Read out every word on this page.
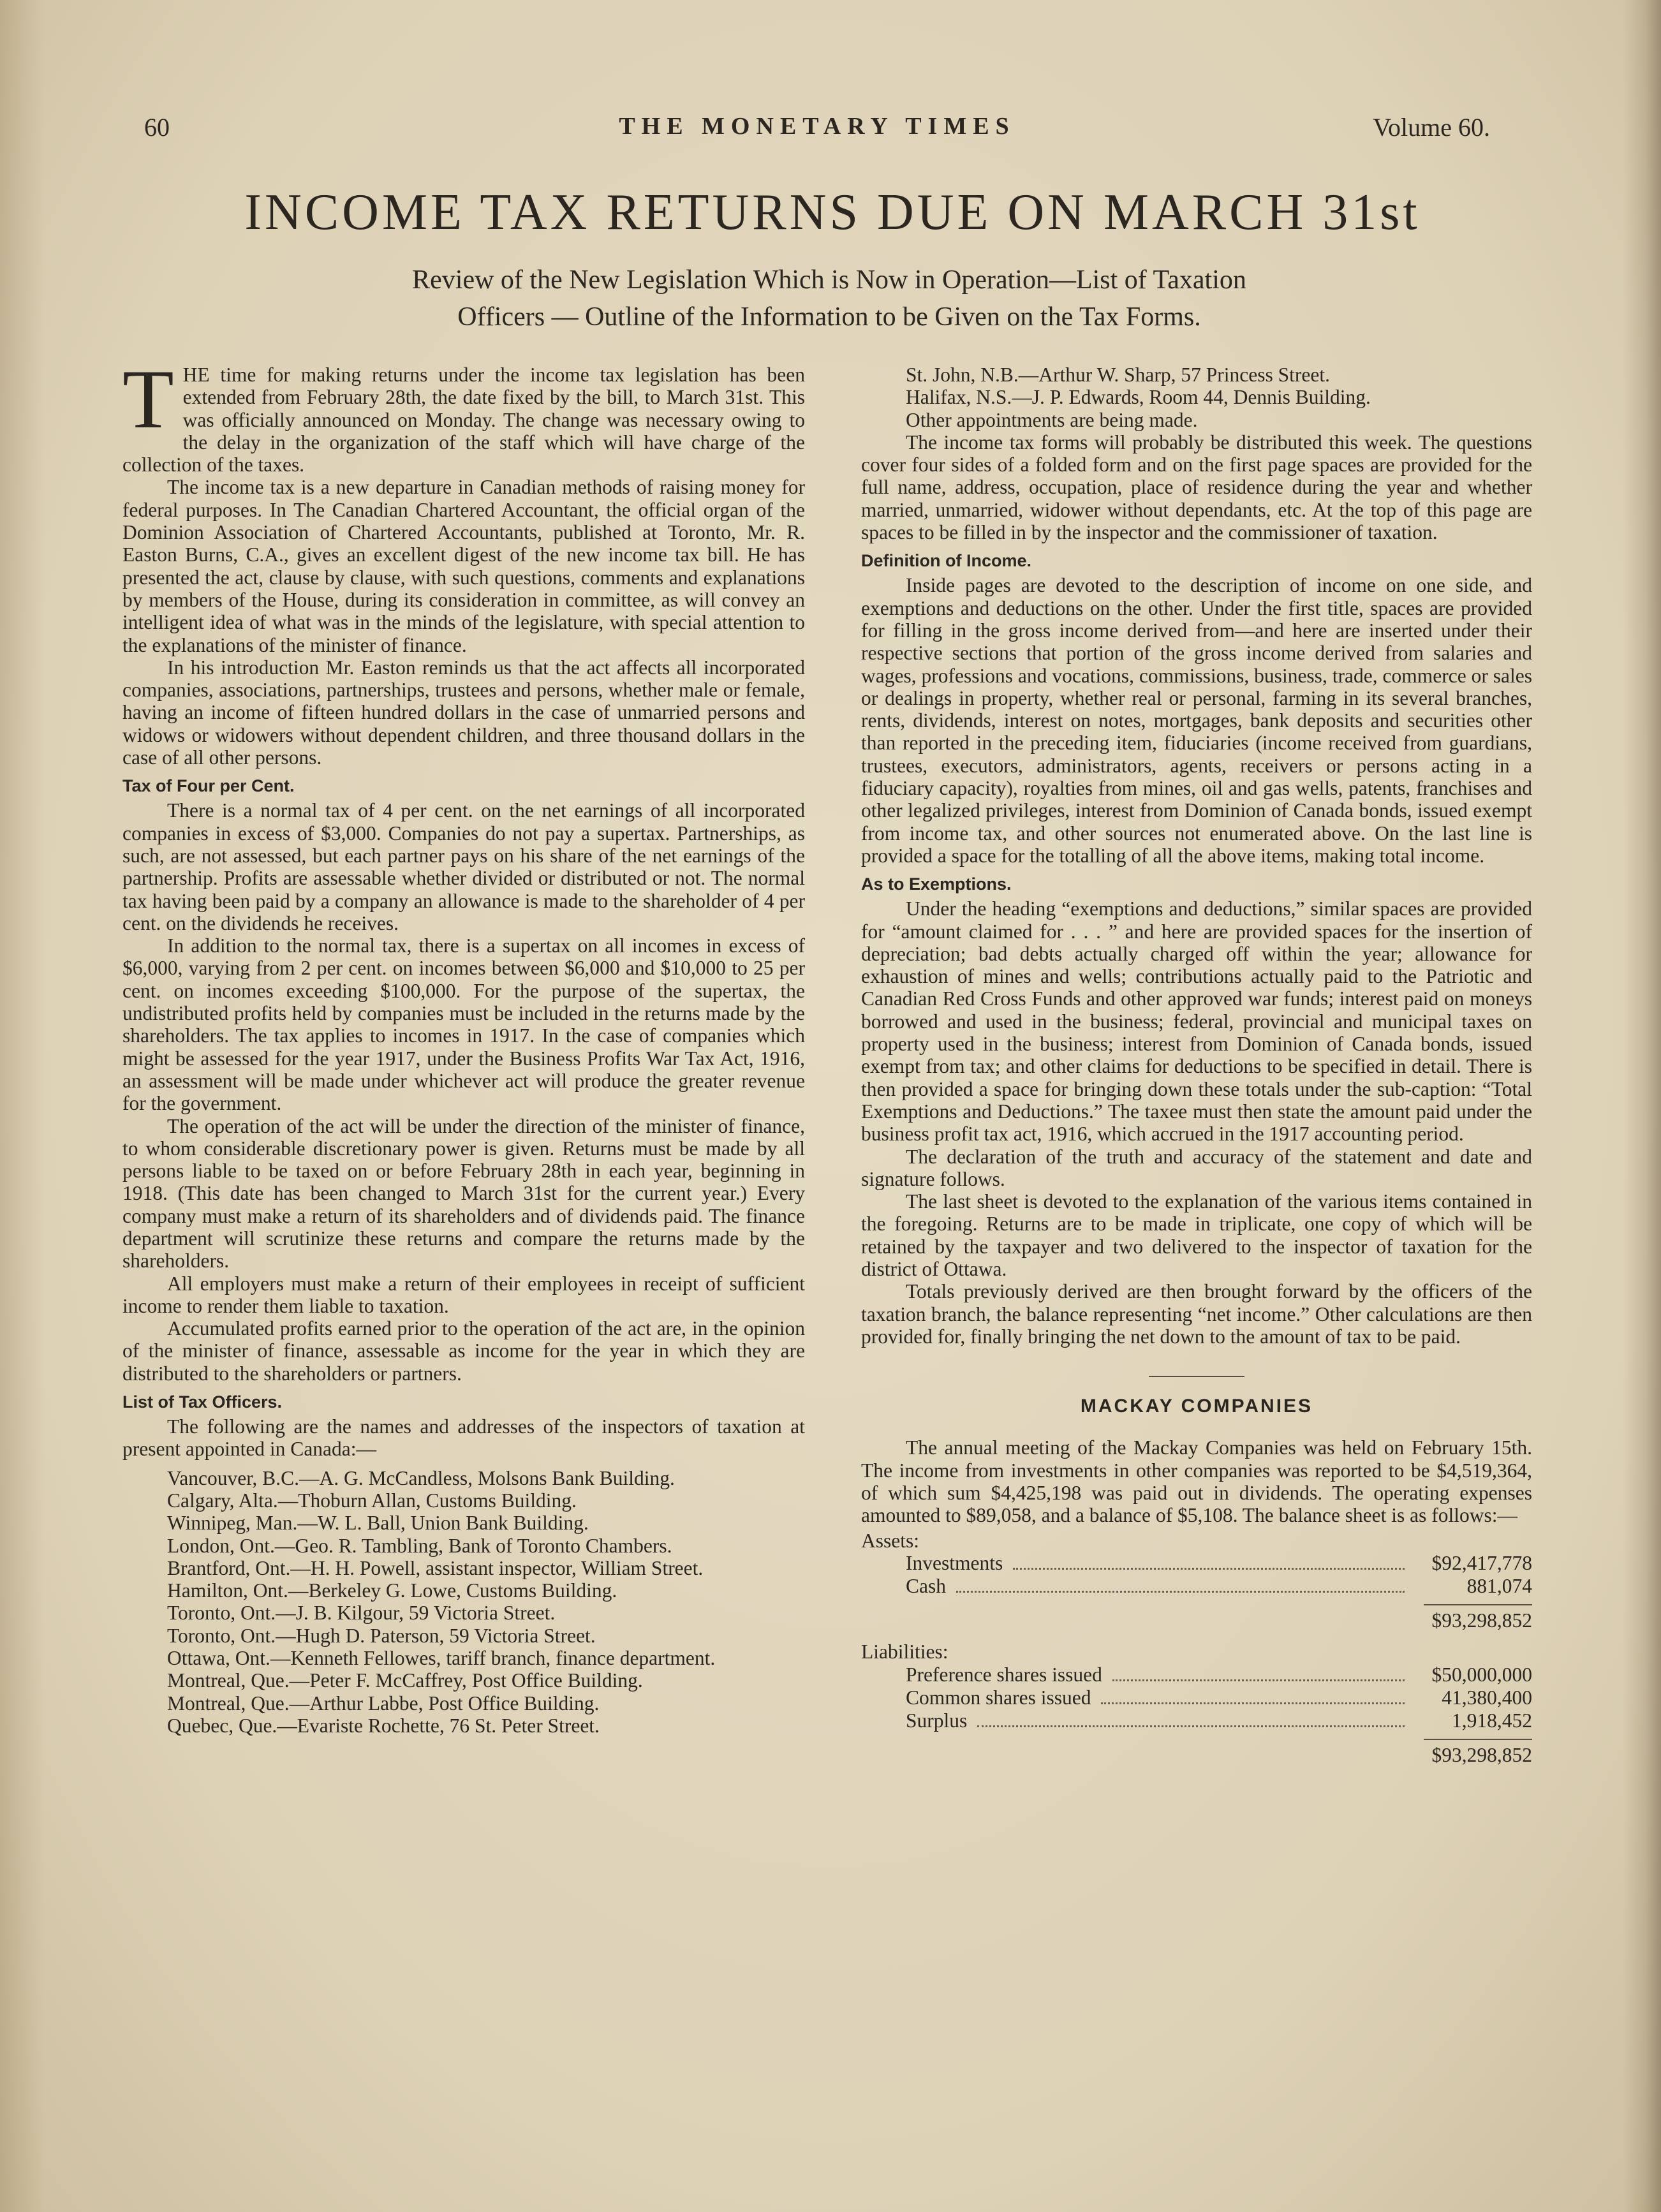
60	THE MONETARY TIMES	Volume 60.
INCOME TAX RETURNS DUE ON MARCH 31st
Review of the New Legislation Which is Now in Operation—List of Taxation
Officers — Outline of the Information to be Given on the Tax Forms.

THE time for making returns under the income tax legislation has been extended from February 28th, the date fixed by the bill, to March 31st. This was officially announced on Monday. The change was necessary owing to the delay in the organization of the staff which will have charge of the collection of the taxes.

The income tax is a new departure in Canadian methods of raising money for federal purposes. In The Canadian Chartered Accountant, the official organ of the Dominion Association of Chartered Accountants, published at Toronto, Mr. R. Easton Burns, C.A., gives an excellent digest of the new income tax bill. He has presented the act, clause by clause, with such questions, comments and explanations by members of the House, during its consideration in committee, as will convey an intelligent idea of what was in the minds of the legislature, with special attention to the explanations of the minister of finance.

In his introduction Mr. Easton reminds us that the act affects all incorporated companies, associations, partnerships, trustees and persons, whether male or female, having an income of fifteen hundred dollars in the case of unmarried persons and widows or widowers without dependent children, and three thousand dollars in the case of all other persons.

Tax of Four per Cent.

There is a normal tax of 4 per cent. on the net earnings of all incorporated companies in excess of $3,000. Companies do not pay a supertax. Partnerships, as such, are not assessed, but each partner pays on his share of the net earnings of the partnership. Profits are assessable whether divided or distributed or not. The normal tax having been paid by a company an allowance is made to the shareholder of 4 per cent. on the dividends he receives.

In addition to the normal tax, there is a supertax on all incomes in excess of $6,000, varying from 2 per cent. on incomes between $6,000 and $10,000 to 25 per cent. on incomes exceeding $100,000. For the purpose of the supertax, the undistributed profits held by companies must be included in the returns made by the shareholders. The tax applies to incomes in 1917. In the case of companies which might be assessed for the year 1917, under the Business Profits War Tax Act, 1916, an assessment will be made under whichever act will produce the greater revenue for the government.

The operation of the act will be under the direction of the minister of finance, to whom considerable discretionary power is given. Returns must be made by all persons liable to be taxed on or before February 28th in each year, beginning in 1918. (This date has been changed to March 31st for the current year.) Every company must make a return of its shareholders and of dividends paid. The finance department will scrutinize these returns and compare the returns made by the shareholders.

All employers must make a return of their employees in receipt of sufficient income to render them liable to taxation.

Accumulated profits earned prior to the operation of the act are, in the opinion of the minister of finance, assessable as income for the year in which they are distributed to the shareholders or partners.

List of Tax Officers.

The following are the names and addresses of the inspectors of taxation at present appointed in Canada:—

Vancouver, B.C.—A. G. McCandless, Molsons Bank Building.

Calgary, Alta.—Thoburn Allan, Customs Building.

Winnipeg, Man.—W. L. Ball, Union Bank Building.

London, Ont.—Geo. R. Tambling, Bank of Toronto Chambers.

Brantford, Ont.—H. H. Powell, assistant inspector, William Street.

Hamilton, Ont.—Berkeley G. Lowe, Customs Building.

Toronto, Ont.—J. B. Kilgour, 59 Victoria Street.

Toronto, Ont.—Hugh D. Paterson, 59 Victoria Street.

Ottawa, Ont.—Kenneth Fellowes, tariff branch, finance department.

Montreal, Que.—Peter F. McCaffrey, Post Office Building.

Montreal, Que.—Arthur Labbe, Post Office Building.

Quebec, Que.—Evariste Rochette, 76 St. Peter Street.

St. John, N.B.—Arthur W. Sharp, 57 Princess Street.

Halifax, N.S.—J. P. Edwards, Room 44, Dennis Building.

Other appointments are being made.

The income tax forms will probably be distributed this week. The questions cover four sides of a folded form and on the first page spaces are provided for the full name, address, occupation, place of residence during the year and whether married, unmarried, widower without dependants, etc. At the top of this page are spaces to be filled in by the inspector and the commissioner of taxation.

Definition of Income.

Inside pages are devoted to the description of income on one side, and exemptions and deductions on the other. Under the first title, spaces are provided for filling in the gross income derived from—and here are inserted under their respective sections that portion of the gross income derived from salaries and wages, professions and vocations, commissions, business, trade, commerce or sales or dealings in property, whether real or personal, farming in its several branches, rents, dividends, interest on notes, mortgages, bank deposits and securities other than reported in the preceding item, fiduciaries (income received from guardians, trustees, executors, administrators, agents, receivers or persons acting in a fiduciary capacity), royalties from mines, oil and gas wells, patents, franchises and other legalized privileges, interest from Dominion of Canada bonds, issued exempt from income tax, and other sources not enumerated above. On the last line is provided a space for the totalling of all the above items, making total income.

As to Exemptions.

Under the heading “exemptions and deductions,” similar spaces are provided for “amount claimed for . . . ” and here are provided spaces for the insertion of depreciation; bad debts actually charged off within the year; allowance for exhaustion of mines and wells; contributions actually paid to the Patriotic and Canadian Red Cross Funds and other approved war funds; interest paid on moneys borrowed and used in the business; federal, provincial and municipal taxes on property used in the business; interest from Dominion of Canada bonds, issued exempt from tax; and other claims for deductions to be specified in detail. There is then provided a space for bringing down these totals under the sub-caption: “Total Exemptions and Deductions.” The taxee must then state the amount paid under the business profit tax act, 1916, which accrued in the 1917 accounting period.

The declaration of the truth and accuracy of the statement and date and signature follows.

The last sheet is devoted to the explanation of the various items contained in the foregoing. Returns are to be made in triplicate, one copy of which will be retained by the taxpayer and two delivered to the inspector of taxation for the district of Ottawa.

Totals previously derived are then brought forward by the officers of the taxation branch, the balance representing “net income.” Other calculations are then provided for, finally bringing the net down to the amount of tax to be paid.

MACKAY COMPANIES

The annual meeting of the Mackay Companies was held on February 15th. The income from investments in other companies was reported to be $4,519,364, of which sum $4,425,198 was paid out in dividends. The operating expenses amounted to $89,058, and a balance of $5,108. The balance sheet is as follows:—

Assets:
Investments	$92,417,778
Cash	881,074
$93,298,852
Liabilities:
Preference shares issued	$50,000,000
Common shares issued	41,380,400
Surplus	1,918,452
$93,298,852
